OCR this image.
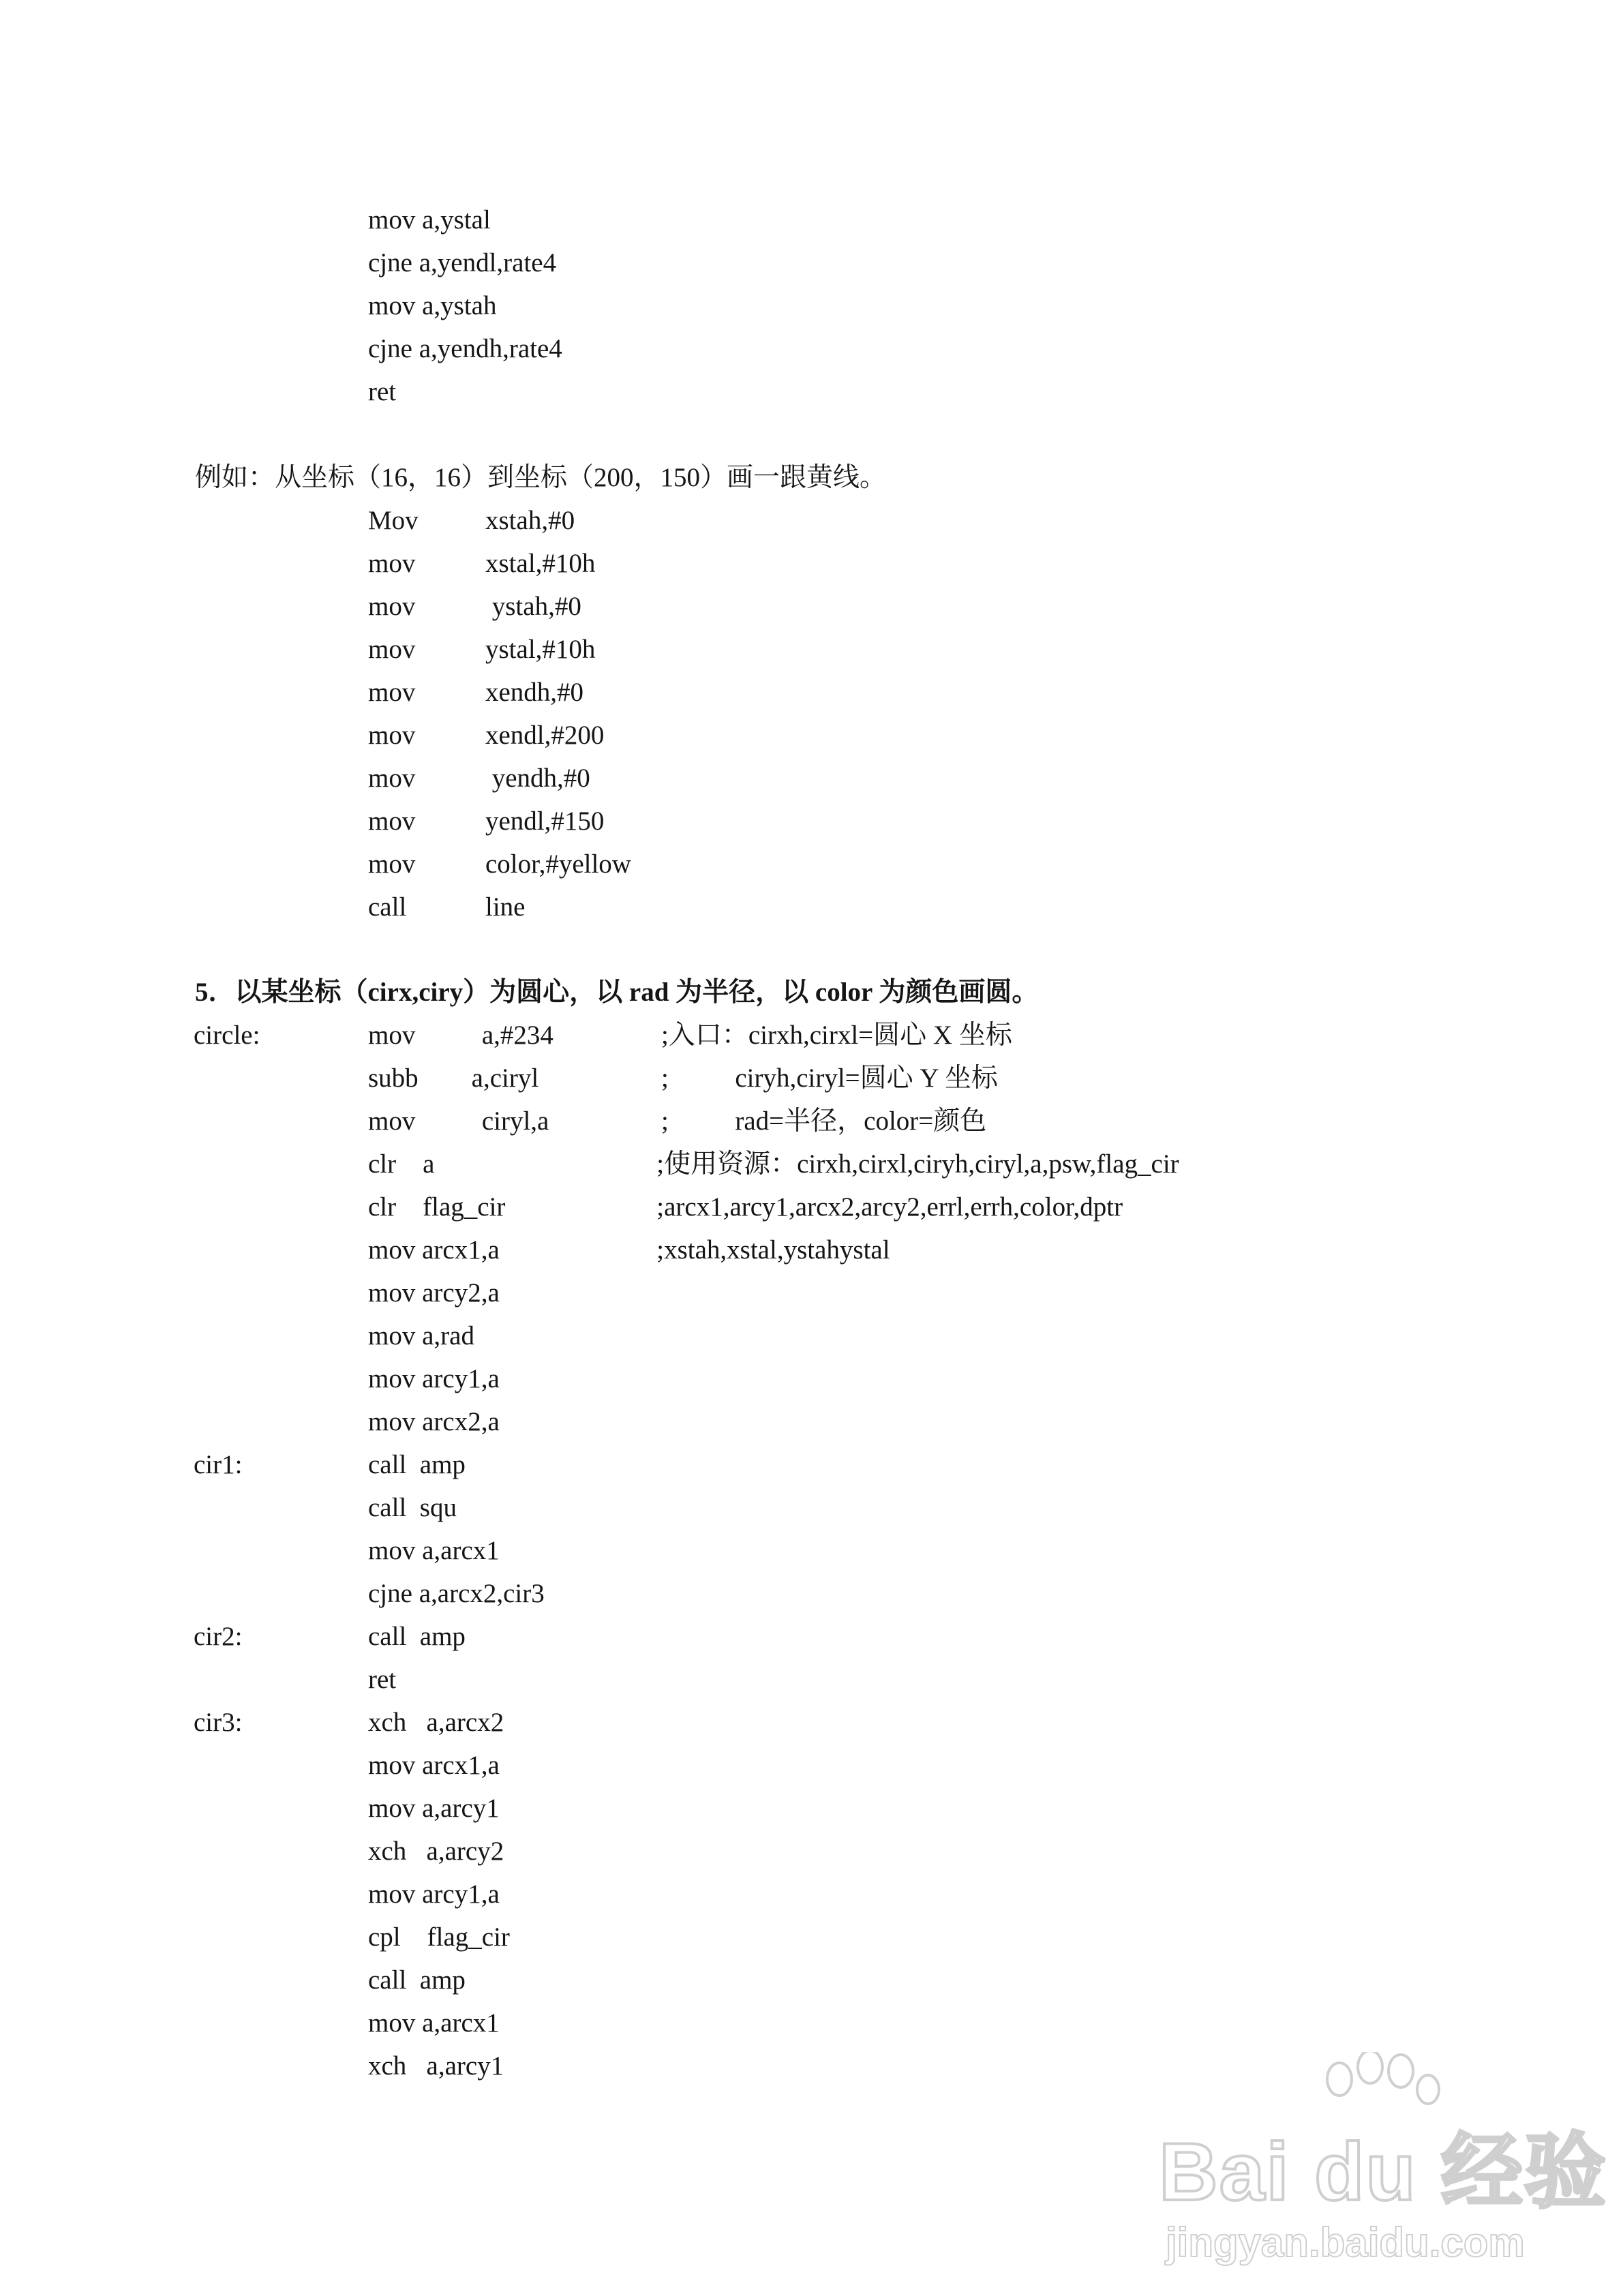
mov a,ystal
cjne a,yendl,rate4
mov a,ystah
cjne a,yendh,rate4
ret
例如：从坐标（16，16）到坐标（200，150）画一跟黄线。
Mov	xstah,#0
mov	xstal,#10h
mov	ystah,#0
mov	ystal,#10h
mov	xendh,#0
mov	xendl,#200
mov	yendh,#0
mov	yendl,#150
mov	color,#yellow
call	line
5．以某坐标（cirx,ciry）为圆心，以 rad 为半径，以 color 为颜色画圆。
circle:	mov          a,#234	;入口：cirxh,cirxl=圆心 X 坐标
subb        a,ciryl	;          ciryh,ciryl=圆心 Y 坐标
mov          ciryl,a	;          rad=半径，color=颜色
clr    a	;使用资源：cirxh,cirxl,ciryh,ciryl,a,psw,flag_cir
clr    flag_cir	;arcx1,arcy1,arcx2,arcy2,errl,errh,color,dptr
mov arcx1,a	;xstah,xstal,ystahystal
mov arcy2,a
mov a,rad
mov arcy1,a
mov arcx2,a
cir1:	call  amp
call  squ
mov a,arcx1
cjne a,arcx2,cir3
cir2:	call  amp
ret
cir3:	xch   a,arcx2
mov arcx1,a
mov a,arcy1
xch   a,arcy2
mov arcy1,a
cpl    flag_cir
call  amp
mov a,arcx1
xch   a,arcy1
Bai du 经验
jingyan.baidu.com
